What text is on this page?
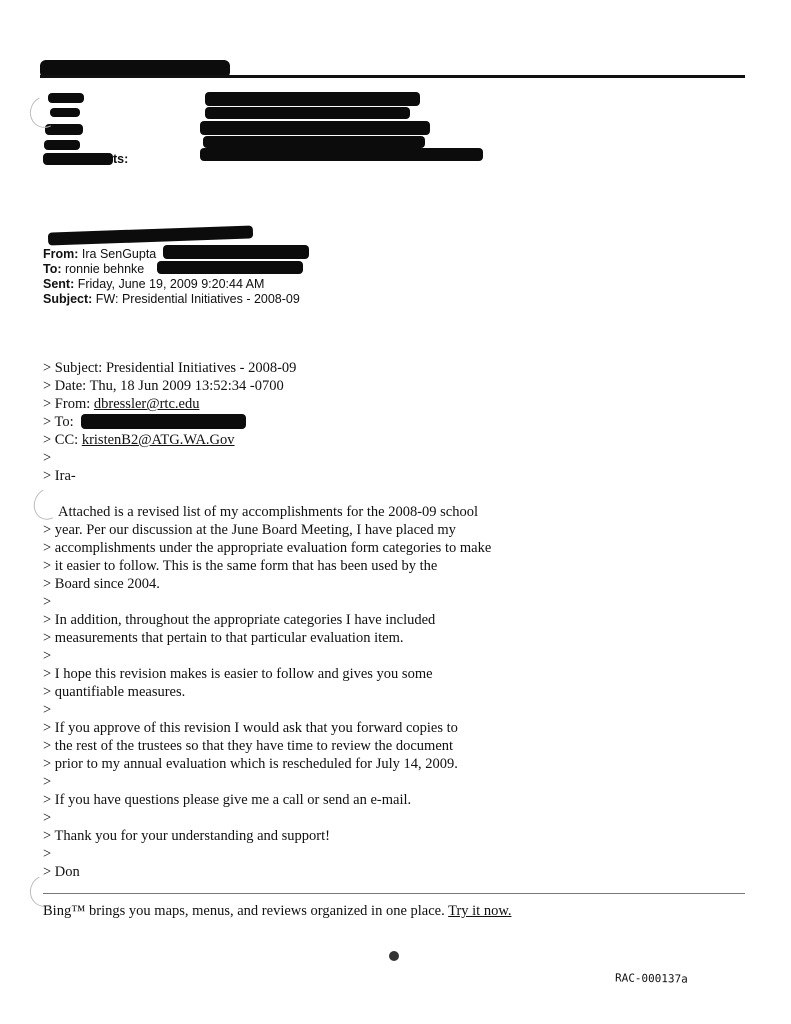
ts:
From: Ira SenGupta
To: ronnie behnke
Sent: Friday, June 19, 2009 9:20:44 AM
Subject: FW: Presidential Initiatives - 2008-09
> Subject: Presidential Initiatives - 2008-09
> Date: Thu, 18 Jun 2009 13:52:34 -0700
> From: dbressler@rtc.edu
> To:
> CC: kristenB2@ATG.WA.Gov
>
> Ira-
Attached is a revised list of my accomplishments for the 2008-09 school
> year. Per our discussion at the June Board Meeting, I have placed my
> accomplishments under the appropriate evaluation form categories to make
> it easier to follow. This is the same form that has been used by the
> Board since 2004.
>
> In addition, throughout the appropriate categories I have included
> measurements that pertain to that particular evaluation item.
>
> I hope this revision makes is easier to follow and gives you some
> quantifiable measures.
>
> If you approve of this revision I would ask that you forward copies to
> the rest of the trustees so that they have time to review the document
> prior to my annual evaluation which is rescheduled for July 14, 2009.
>
> If you have questions please give me a call or send an e-mail.
>
> Thank you for your understanding and support!
>
> Don
Bing™ brings you maps, menus, and reviews organized in one place. Try it now.
RAC-000137a
